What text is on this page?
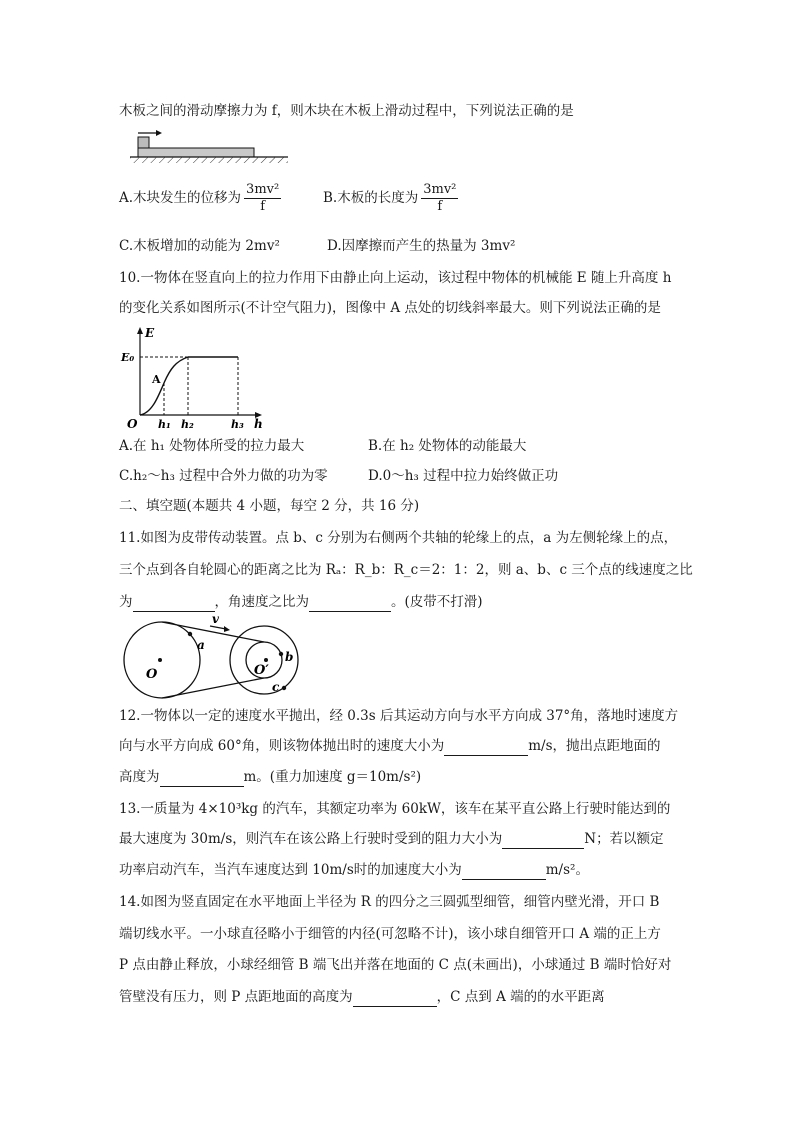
木板之间的滑动摩擦力为 f，则木块在木板上滑动过程中，下列说法正确的是
A.木块发生的位移为 $\frac{\text{3mv²}}{f}$	B.木板的长度为 $\frac{\text{3mv²}}{f}$
C.木板增加的动能为 2mv²	D.因摩擦而产生的热量为 3mv²
10.一物体在竖直向上的拉力作用下由静止向上运动，该过程中物体的机械能 E 随上升高度 h
的变化关系如图所示(不计空气阻力)，图像中 A 点处的切线斜率最大。则下列说法正确的是
E
h
O
E₀
A
h₁ h₂	h₃
A.在 h₁ 处物体所受的拉力最大	B.在 h₂ 处物体的动能最大
C.h₂～h₃ 过程中合外力做的功为零	D.0～h₃ 过程中拉力始终做正功
二、填空题(本题共 4 小题，每空 2 分，共 16 分)
11.如图为皮带传动装置。点 b、c 分别为右侧两个共轴的轮缘上的点，a 为左侧轮缘上的点，
三个点到各自轮圆心的距离之比为 Rₐ：R_b：R_c＝2：1：2，则 a、b、c 三个点的线速度之比
为	，角速度之比为	。(皮带不打滑)
v
O	O′
a
b
c
12.一物体以一定的速度水平抛出，经 0.3s 后其运动方向与水平方向成 37°角，落地时速度方
向与水平方向成 60°角，则该物体抛出时的速度大小为	m/s，抛出点距地面的
高度为	m。(重力加速度 g＝10m/s²)
13.一质量为 4×10³kg 的汽车，其额定功率为 60kW，该车在某平直公路上行驶时能达到的
最大速度为 30m/s，则汽车在该公路上行驶时受到的阻力大小为	N；若以额定
功率启动汽车，当汽车速度达到 10m/s时的加速度大小为	m/s²。
14.如图为竖直固定在水平地面上半径为 R 的四分之三圆弧型细管，细管内壁光滑，开口 B
端切线水平。一小球直径略小于细管的内径(可忽略不计)，该小球自细管开口 A 端的正上方
P 点由静止释放，小球经细管 B 端飞出并落在地面的 C 点(未画出)，小球通过 B 端时恰好对
管壁没有压力，则 P 点距地面的高度为	，C 点到 A 端的的水平距离
